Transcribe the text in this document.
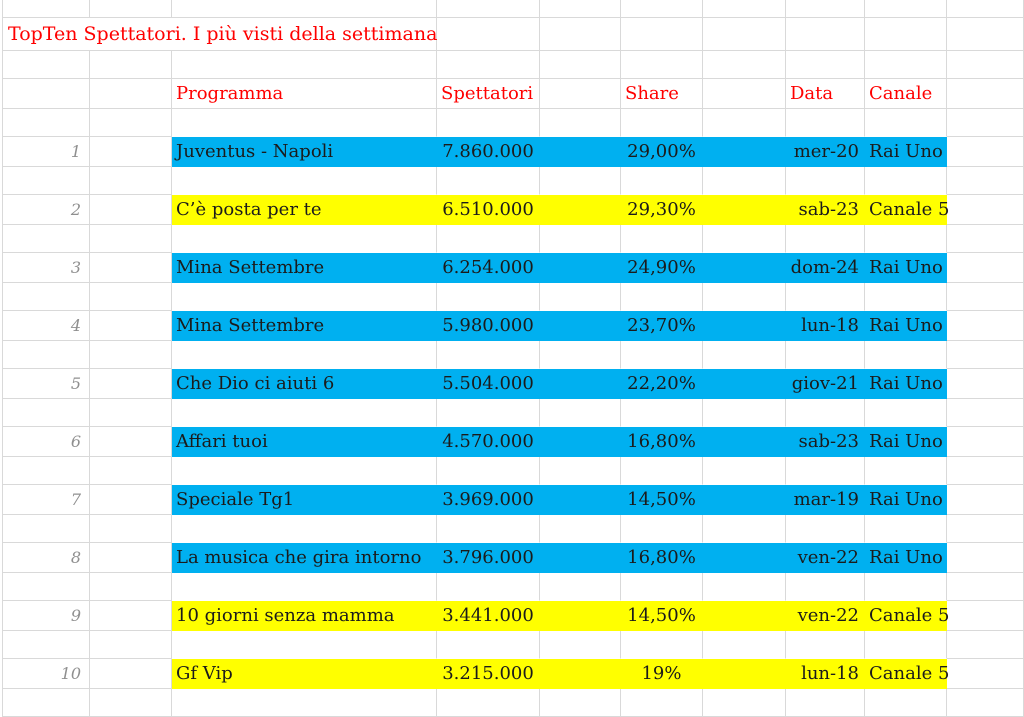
TopTen Spettatori. I più visti della settimana									

		Programma	Spettatori		Share		Data	Canale	

1		Juventus - Napoli	7.860.000		29,00%		mer-20	Rai Uno	

2		C’è posta per te	6.510.000		29,30%		sab-23	Canale 5	

3		Mina Settembre	6.254.000		24,90%		dom-24	Rai Uno	

4		Mina Settembre	5.980.000		23,70%		lun-18	Rai Uno	

5		Che Dio ci aiuti 6	5.504.000		22,20%		giov-21	Rai Uno	

6		Affari tuoi	4.570.000		16,80%		sab-23	Rai Uno	

7		Speciale Tg1	3.969.000		14,50%		mar-19	Rai Uno	

8		La musica che gira intorno	3.796.000		16,80%		ven-22	Rai Uno	

9		10 giorni senza mamma	3.441.000		14,50%		ven-22	Canale 5	

10		Gf Vip	3.215.000		19%		lun-18	Canale 5	
